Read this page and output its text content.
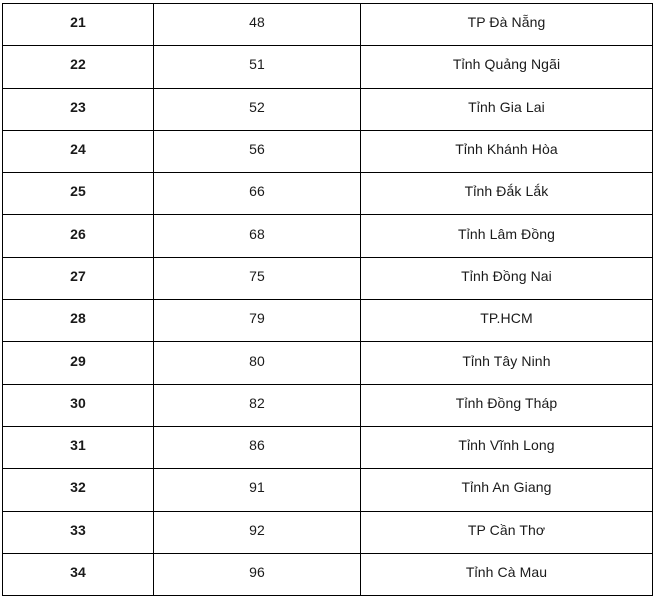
21	48	TP Đà Nẵng
22	51	Tỉnh Quảng Ngãi
23	52	Tỉnh Gia Lai
24	56	Tỉnh Khánh Hòa
25	66	Tỉnh Đắk Lắk
26	68	Tỉnh Lâm Đồng
27	75	Tỉnh Đồng Nai
28	79	TP.HCM
29	80	Tỉnh Tây Ninh
30	82	Tỉnh Đồng Tháp
31	86	Tỉnh Vĩnh Long
32	91	Tỉnh An Giang
33	92	TP Cần Thơ
34	96	Tỉnh Cà Mau
